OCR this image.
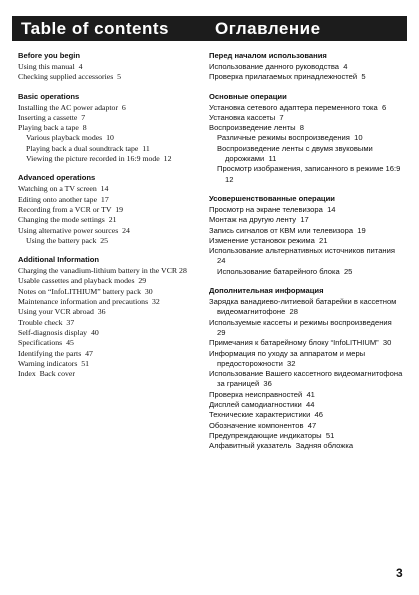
Table of contents	Оглавление
Before you begin
Using this manual  4
Checking supplied accessories  5
Basic operations
Installing the AC power adaptor  6
Inserting a cassette  7
Playing back a tape  8
Various playback modes  10
Playing back a dual soundtrack tape  11
Viewing the picture recorded in 16:9 mode  12
Advanced operations
Watching on a TV screen  14
Editing onto another tape  17
Recording from a VCR or TV  19
Changing the mode settings  21
Using alternative power sources  24
Using the battery pack  25
Additional Information
Charging the vanadium-lithium battery in the VCR 28
Usable cassettes and playback modes  29
Notes on “InfoLITHIUM” battery pack  30
Maintenance information and precautions  32
Using your VCR abroad  36
Trouble check  37
Self-diagnosis display  40
Specifications  45
Identifying the parts  47
Warning indicators  51
Index  Back cover
Перед началом использования
Использование данного руководства  4
Проверка прилагаемых принадлежностей  5
Основные операции
Установка сетевого адаптера переменного тока  6
Установка кассеты  7
Воспроизведение ленты  8
Различные режимы воспроизведения  10
Воспроизведение ленты с двумя звуковыми дорожками  11
Просмотр изображения, записанного в режиме 16:9  12
Усовершенствованные операции
Просмотр на экране телевизора  14
Монтаж на другую ленту  17
Запись сигналов от КВМ или телевизора  19
Изменение установок режима  21
Использование альтернативных источников питания  24
Использование батарейного блока  25
Дополнительная информация
Зарядка ванадиево-литиевой батарейки в кассетном видеомагнитофоне  28
Используемые кассеты и режимы воспроизведения  29
Примечания к батарейному блоку “InfoLITHIUM”  30
Информация по уходу за аппаратом и меры предосторожности  32
Использование Вашего кассетного видеомагнитофона за границей  36
Проверка неисправностей  41
Дисплей самодиагностики  44
Технические характеристики  46
Обозначение компонентов  47
Предупреждающие индикаторы  51
Алфавитный указатель  Задняя обложка
3
